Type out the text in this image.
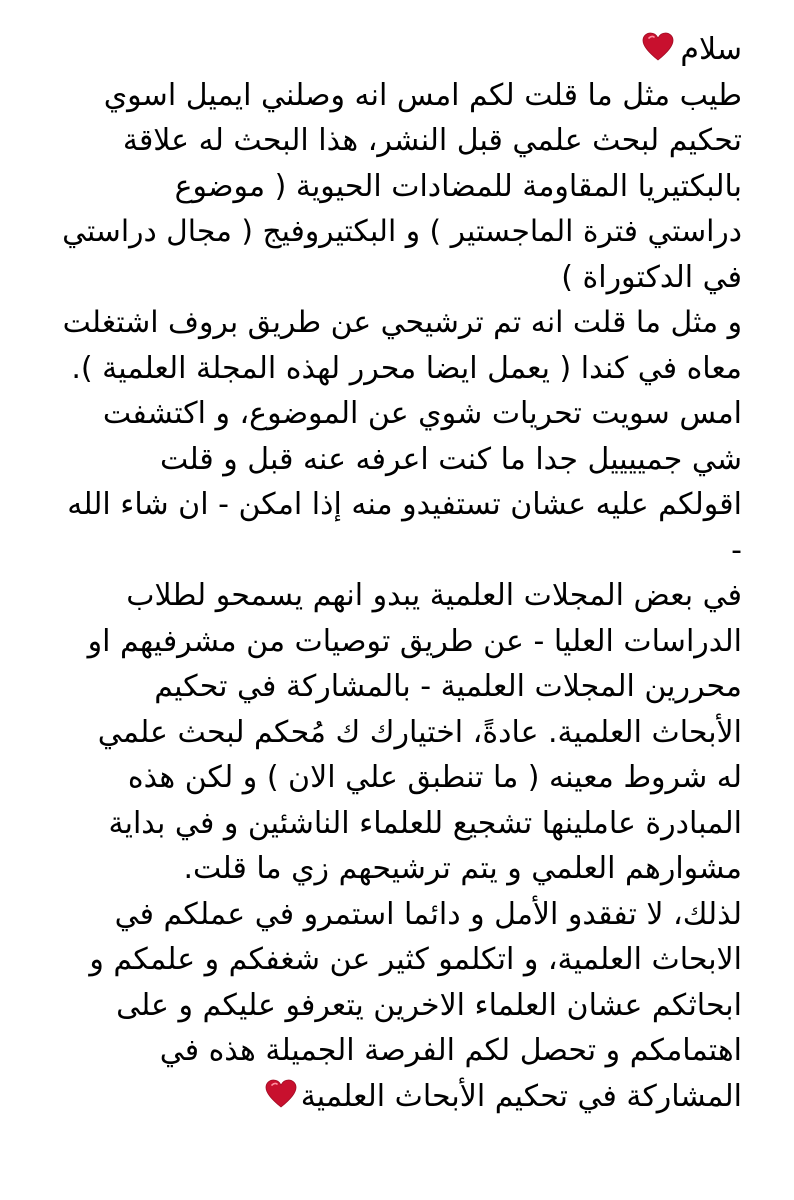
سلام
طيب مثل ما قلت لكم امس انه وصلني ايميل اسوي
تحكيم لبحث علمي قبل النشر، هذا البحث له علاقة
بالبكتيريا المقاومة للمضادات الحيوية ( موضوع
دراستي فترة الماجستير ) و البكتيروفيج ( مجال دراستي
في الدكتوراة )
و مثل ما قلت انه تم ترشيحي عن طريق بروف اشتغلت
معاه في كندا ( يعمل ايضا محرر لهذه المجلة العلمية ).
امس سويت تحريات شوي عن الموضوع، و اكتشفت
شي جمييييل جدا ما كنت اعرفه عنه قبل و قلت
اقولكم عليه عشان تستفيدو منه إذا امكن - ان شاء الله
-
في بعض المجلات العلمية يبدو انهم يسمحو لطلاب
الدراسات العليا - عن طريق توصيات من مشرفيهم او
محررين المجلات العلمية - بالمشاركة في تحكيم
الأبحاث العلمية. عادةً، اختيارك ك مُحكم لبحث علمي
له شروط معينه ( ما تنطبق علي الان ) و لكن هذه
المبادرة عاملينها تشجيع للعلماء الناشئين و في بداية
مشوارهم العلمي و يتم ترشيحهم زي ما قلت.
لذلك، لا تفقدو الأمل و دائما استمرو في عملكم في
الابحاث العلمية، و اتكلمو كثير عن شغفكم و علمكم و
ابحاثكم عشان العلماء الاخرين يتعرفو عليكم و على
اهتمامكم و تحصل لكم الفرصة الجميلة هذه في
المشاركة في تحكيم الأبحاث العلمية
